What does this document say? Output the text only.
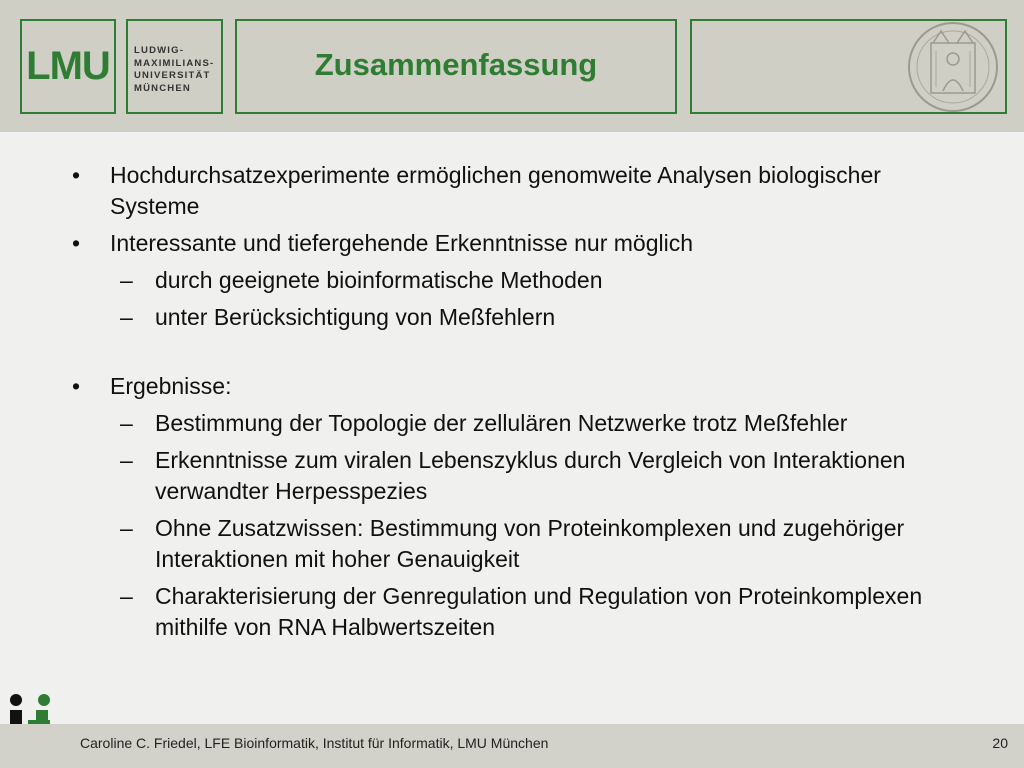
LMU	LUDWIG-
MAXIMILIANS-
UNIVERSITÄT
MÜNCHEN
Zusammenfassung
• Hochdurchsatzexperimente ermöglichen genomweite Analysen biologischer Systeme
• Interessante und tiefergehende Erkenntnisse nur möglich
– durch geeignete bioinformatische Methoden
– unter Berücksichtigung von Meßfehlern
• Ergebnisse:
– Bestimmung der Topologie der zellulären Netzwerke trotz Meßfehler
– Erkenntnisse zum viralen Lebenszyklus durch Vergleich von Interaktionen verwandter Herpesspezies
– Ohne Zusatzwissen: Bestimmung von Proteinkomplexen und zugehöriger Interaktionen mit hoher Genauigkeit
– Charakterisierung der Genregulation und Regulation von Proteinkomplexen mithilfe von RNA Halbwertszeiten
Caroline C. Friedel, LFE Bioinformatik, Institut für Informatik, LMU München	20
